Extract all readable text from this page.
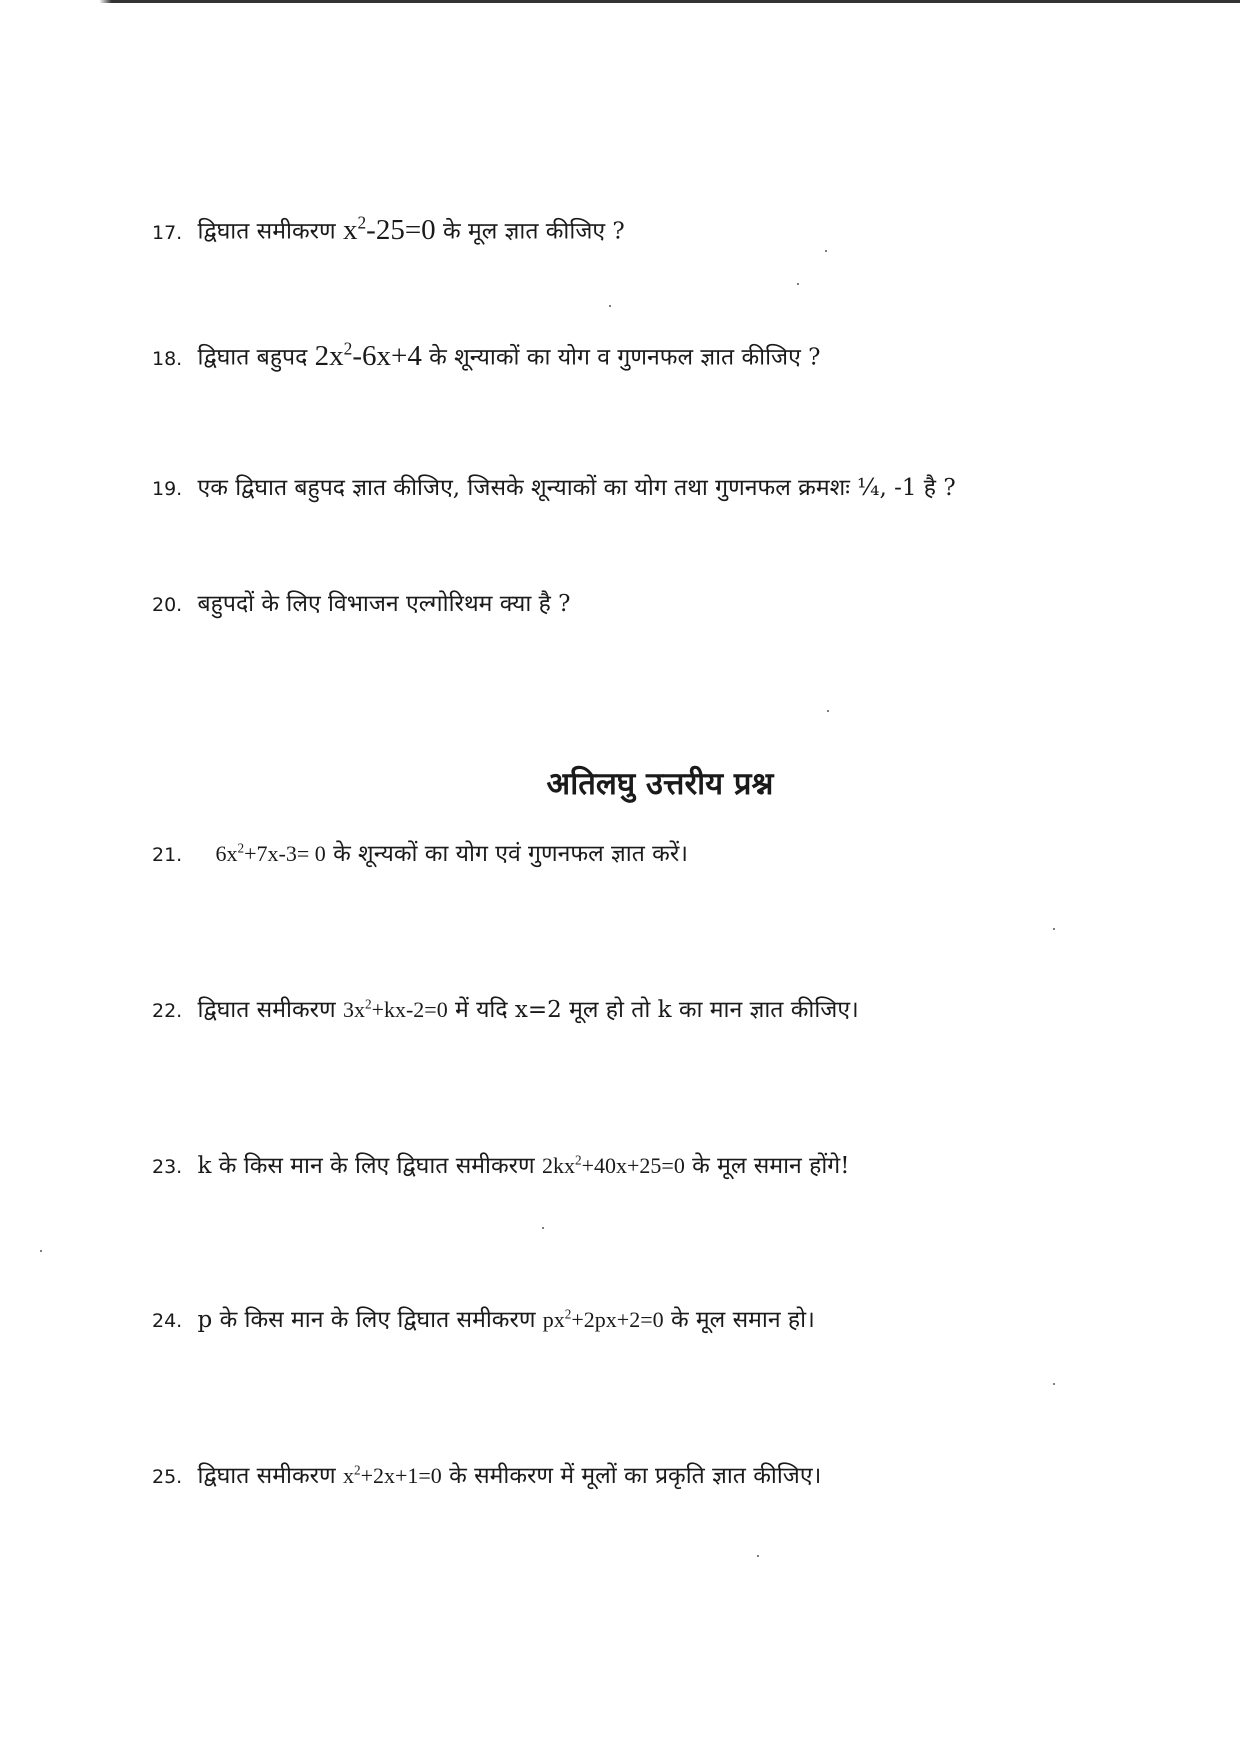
17. द्विघात समीकरण $x^2-25=0$ के मूल ज्ञात कीजिए ?
18. द्विघात बहुपद $2x^2-6x+4$ के शून्याकों का योग व गुणनफल ज्ञात कीजिए ?
19. एक द्विघात बहुपद ज्ञात कीजिए, जिसके शून्याकों का योग तथा गुणनफल क्रमशः ¼, -1 है ?
20. बहुपदों के लिए विभाजन एल्गोरिथम क्या है ?
अतिलघु उत्तरीय प्रश्न
21. $6x^2+7x-3= 0$ के शून्यकों का योग एवं गुणनफल ज्ञात करें।
22. द्विघात समीकरण $3x^2+kx-2=0$ में यदि x=2 मूल हो तो k का मान ज्ञात कीजिए।
23. k के किस मान के लिए द्विघात समीकरण $2kx^2+40x+25=0$ के मूल समान होंगे!
24. p के किस मान के लिए द्विघात समीकरण $px^2+2px+2=0$ के मूल समान हो।
25. द्विघात समीकरण $x^2+2x+1=0$ के समीकरण में मूलों का प्रकृति ज्ञात कीजिए।
